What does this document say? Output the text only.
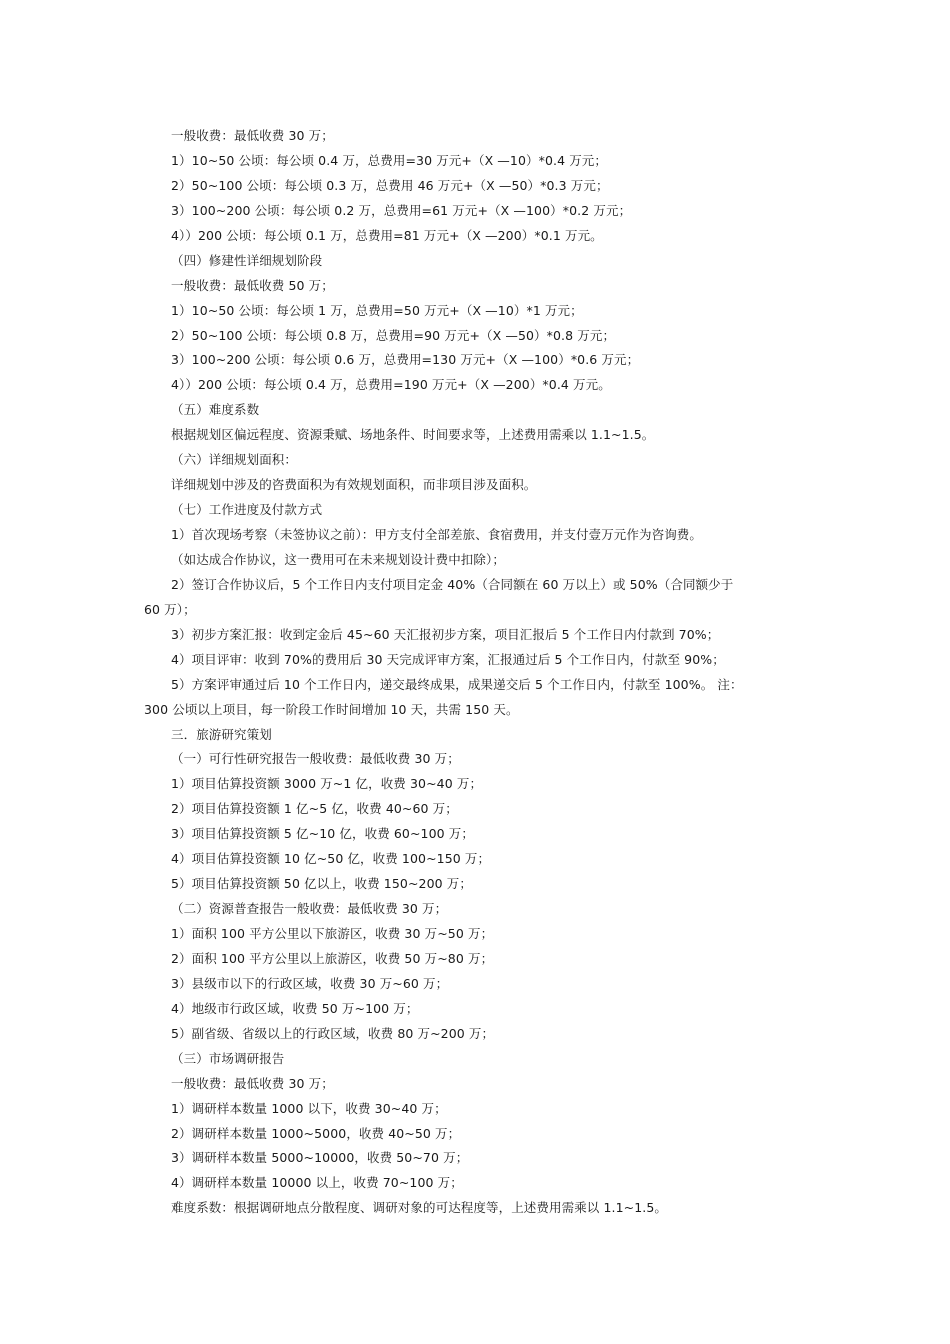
一般收费：最低收费 30 万；
1）10~50 公顷：每公顷 0.4 万，总费用=30 万元+（X —10）*0.4 万元；
2）50~100 公顷：每公顷 0.3 万，总费用 46 万元+（X —50）*0.3 万元；
3）100~200 公顷：每公顷 0.2 万，总费用=61 万元+（X —100）*0.2 万元；
4））200 公顷：每公顷 0.1 万，总费用=81 万元+（X —200）*0.1 万元。
（四）修建性详细规划阶段
一般收费：最低收费 50 万；
1）10~50 公顷：每公顷 1 万，总费用=50 万元+（X —10）*1 万元；
2）50~100 公顷：每公顷 0.8 万，总费用=90 万元+（X —50）*0.8 万元；
3）100~200 公顷：每公顷 0.6 万，总费用=130 万元+（X —100）*0.6 万元；
4））200 公顷：每公顷 0.4 万，总费用=190 万元+（X —200）*0.4 万元。
（五）难度系数
根据规划区偏远程度、资源秉赋、场地条件、时间要求等，上述费用需乘以 1.1~1.5。
（六）详细规划面积：
详细规划中涉及的咨费面积为有效规划面积，而非项目涉及面积。
（七）工作进度及付款方式
1）首次现场考察（未签协议之前）：甲方支付全部差旅、食宿费用，并支付壹万元作为咨询费。
（如达成合作协议，这一费用可在未来规划设计费中扣除）；
2）签订合作协议后，5 个工作日内支付项目定金 40%（合同额在 60 万以上）或 50%（合同额少于
60 万）；
3）初步方案汇报：收到定金后 45~60 天汇报初步方案，项目汇报后 5 个工作日内付款到 70%；
4）项目评审：收到 70%的费用后 30 天完成评审方案，汇报通过后 5 个工作日内，付款至 90%；
5）方案评审通过后 10 个工作日内，递交最终成果，成果递交后 5 个工作日内，付款至 100%。 注：
300 公顷以上项目，每一阶段工作时间增加 10 天，共需 150 天。
三．旅游研究策划
（一）可行性研究报告一般收费：最低收费 30 万；
1）项目估算投资额 3000 万~1 亿，收费 30~40 万；
2）项目估算投资额 1 亿~5 亿，收费 40~60 万；
3）项目估算投资额 5 亿~10 亿，收费 60~100 万；
4）项目估算投资额 10 亿~50 亿，收费 100~150 万；
5）项目估算投资额 50 亿以上，收费 150~200 万；
（二）资源普查报告一般收费：最低收费 30 万；
1）面积 100 平方公里以下旅游区，收费 30 万~50 万；
2）面积 100 平方公里以上旅游区，收费 50 万~80 万；
3）县级市以下的行政区域，收费 30 万~60 万；
4）地级市行政区域，收费 50 万~100 万；
5）副省级、省级以上的行政区域，收费 80 万~200 万；
（三）市场调研报告
一般收费：最低收费 30 万；
1）调研样本数量 1000 以下，收费 30~40 万；
2）调研样本数量 1000~5000，收费 40~50 万；
3）调研样本数量 5000~10000，收费 50~70 万；
4）调研样本数量 10000 以上，收费 70~100 万；
难度系数：根据调研地点分散程度、调研对象的可达程度等，上述费用需乘以 1.1~1.5。
